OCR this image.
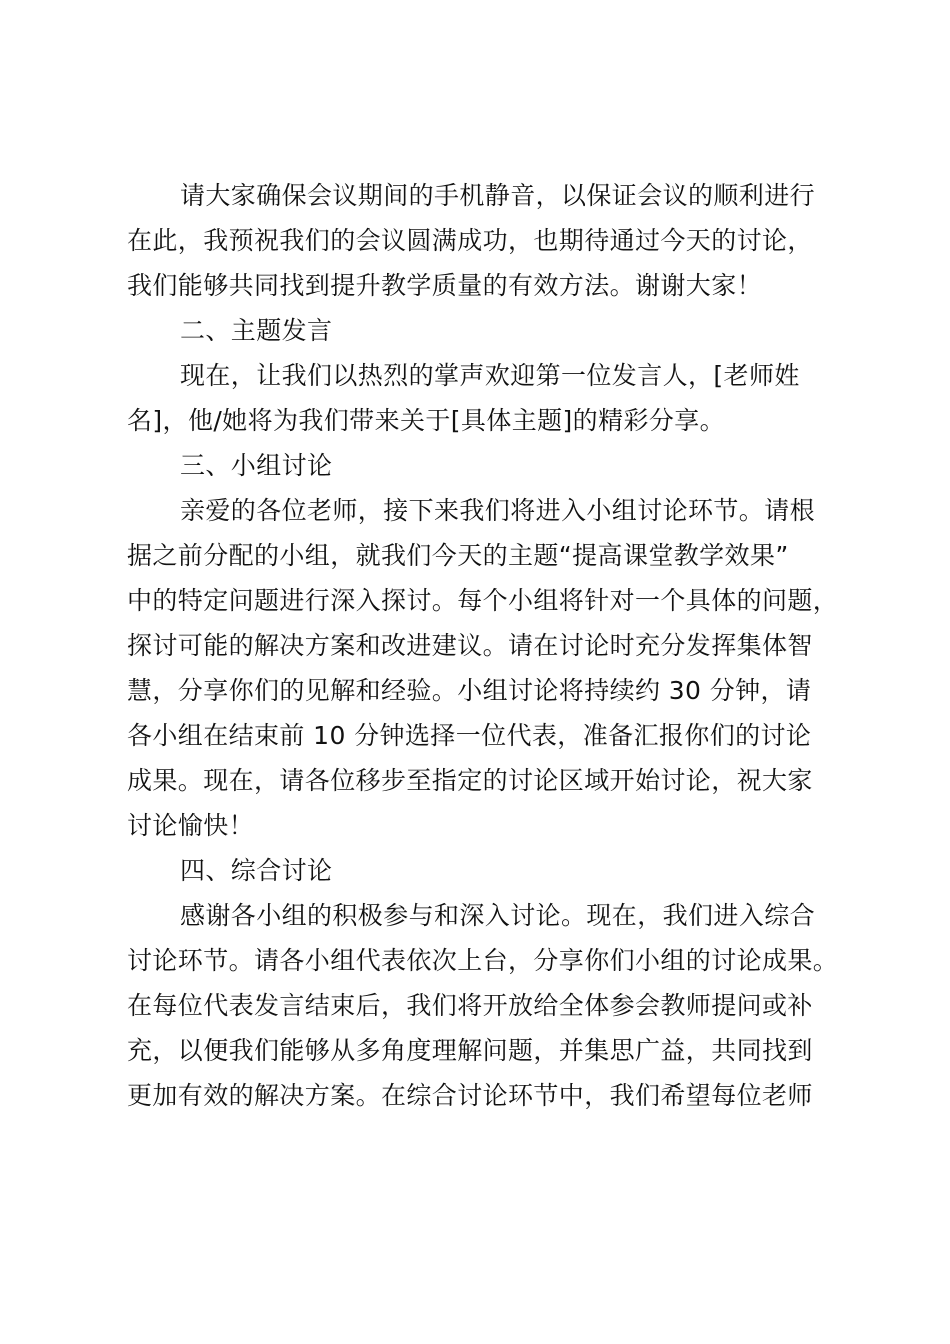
请大家确保会议期间的手机静音，以保证会议的顺利进行
在此，我预祝我们的会议圆满成功，也期待通过今天的讨论，
我们能够共同找到提升教学质量的有效方法。谢谢大家！
二、主题发言
现在，让我们以热烈的掌声欢迎第一位发言人，[老师姓
名]，他/她将为我们带来关于[具体主题]的精彩分享。
三、小组讨论
亲爱的各位老师，接下来我们将进入小组讨论环节。请根
据之前分配的小组，就我们今天的主题“提高课堂教学效果”
中的特定问题进行深入探讨。每个小组将针对一个具体的问题，
探讨可能的解决方案和改进建议。请在讨论时充分发挥集体智
慧，分享你们的见解和经验。小组讨论将持续约 30 分钟，请
各小组在结束前 10 分钟选择一位代表，准备汇报你们的讨论
成果。现在，请各位移步至指定的讨论区域开始讨论，祝大家
讨论愉快！
四、综合讨论
感谢各小组的积极参与和深入讨论。现在，我们进入综合
讨论环节。请各小组代表依次上台，分享你们小组的讨论成果。
在每位代表发言结束后，我们将开放给全体参会教师提问或补
充，以便我们能够从多角度理解问题，并集思广益，共同找到
更加有效的解决方案。在综合讨论环节中，我们希望每位老师
